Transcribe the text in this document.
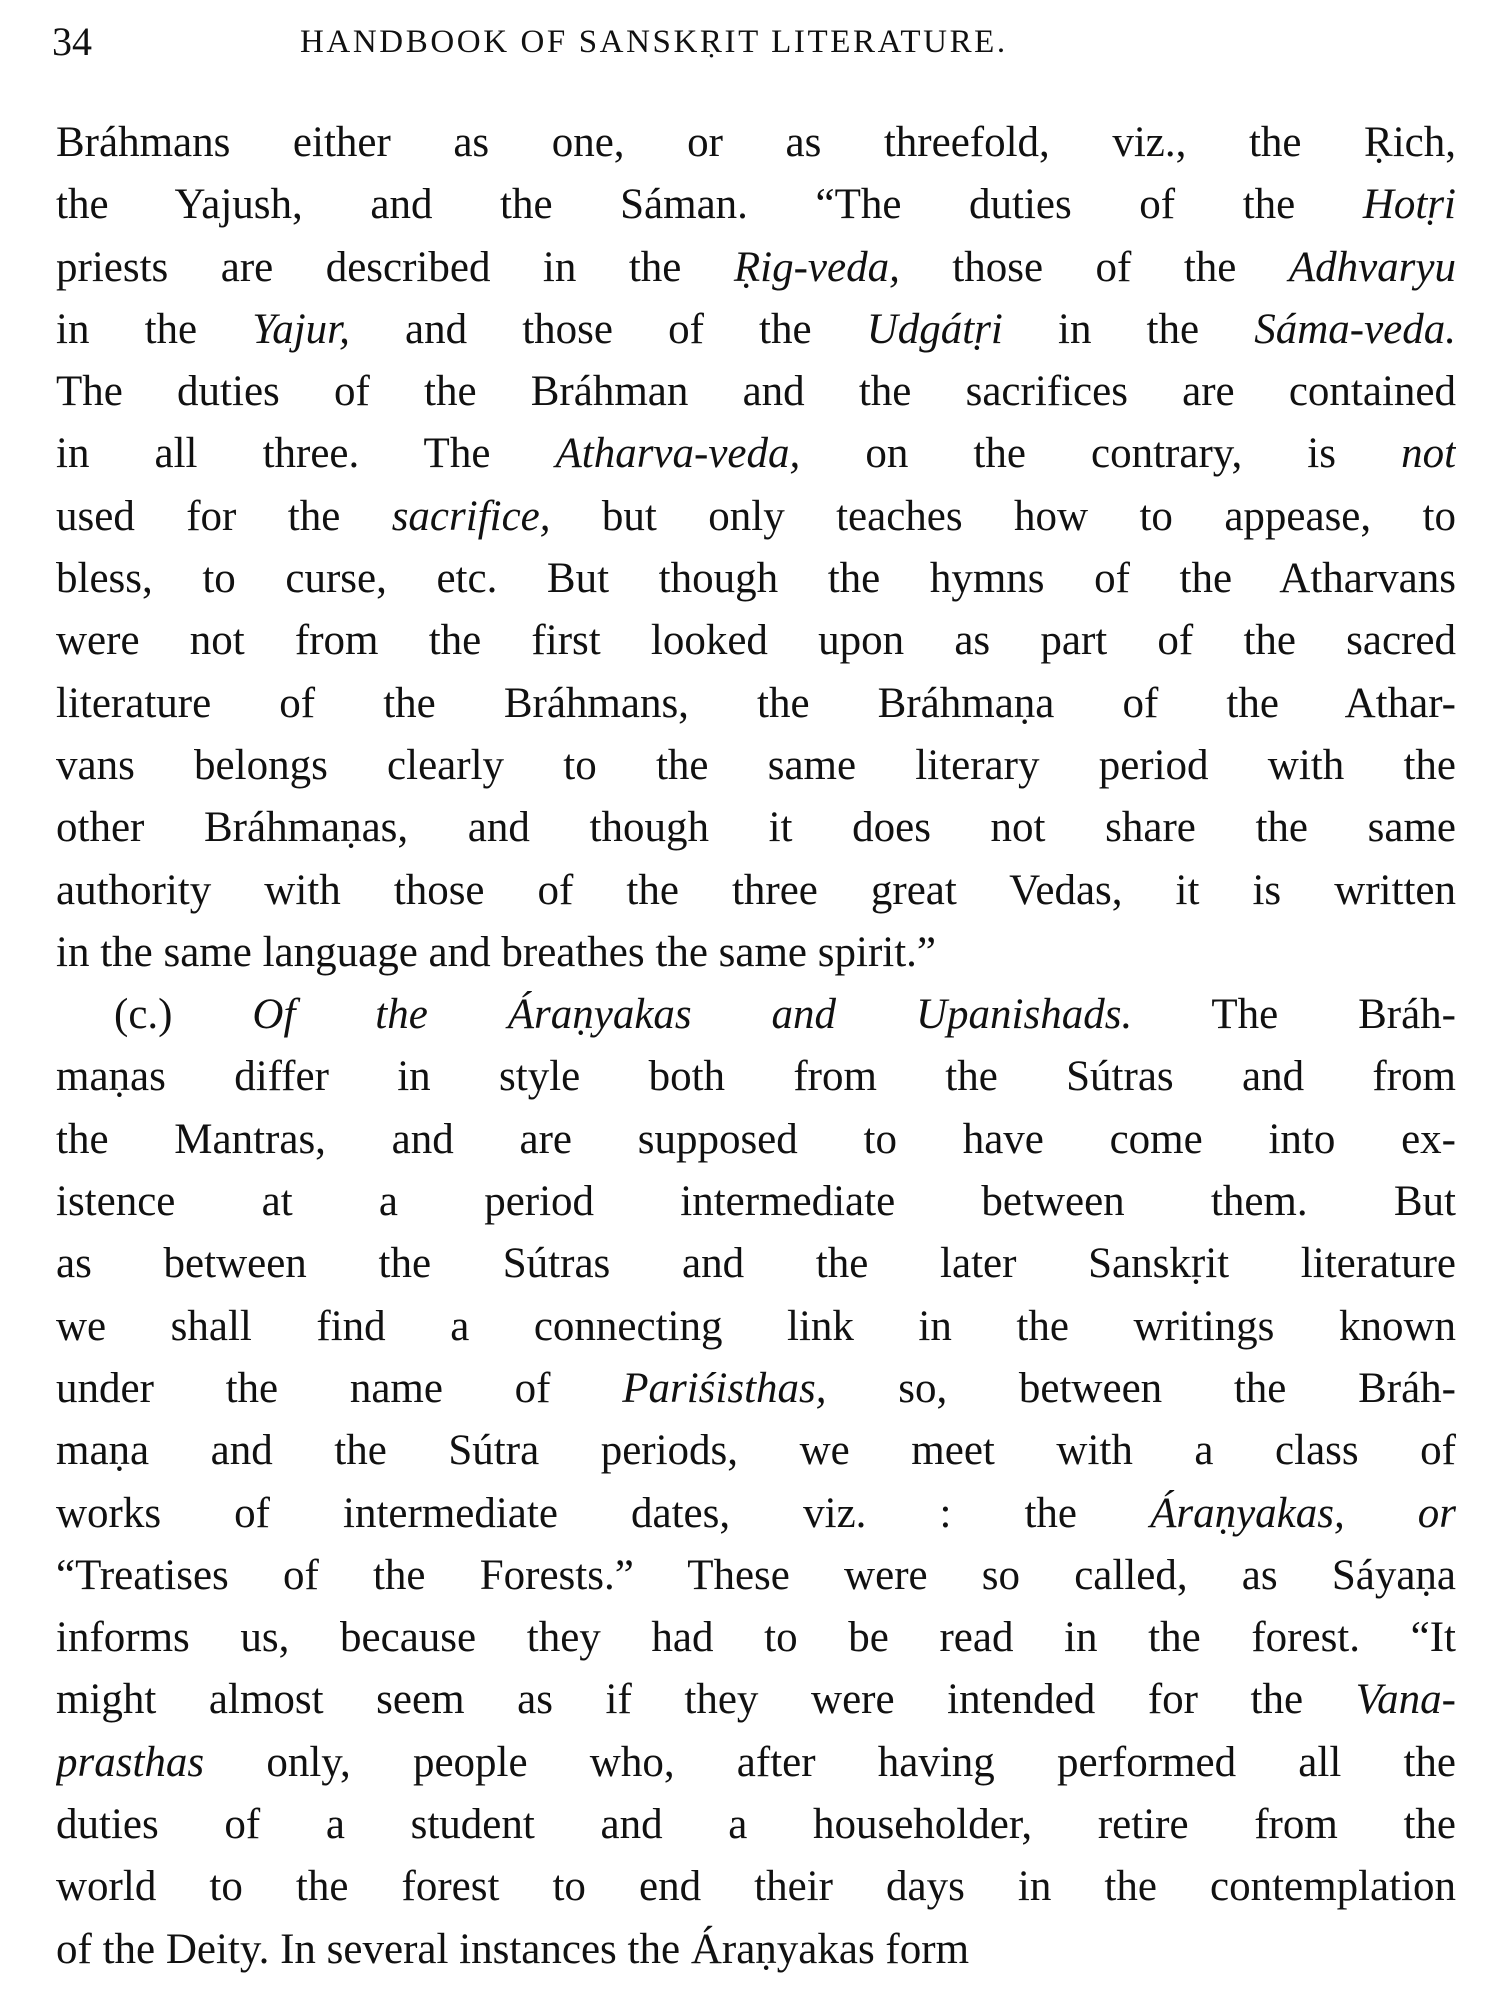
34	HANDBOOK OF SANSKṚIT LITERATURE.
Bráhmans either as one, or as threefold, viz., the Ṛich,
the Yajush, and the Sáman. “The duties of the Hotṛi
priests are described in the Ṛig-veda, those of the Adhvaryu
in the Yajur, and those of the Udgátṛi in the Sáma-veda.
The duties of the Bráhman and the sacrifices are contained
in all three. The Atharva-veda, on the contrary, is not
used for the sacrifice, but only teaches how to appease, to
bless, to curse, etc. But though the hymns of the Atharvans
were not from the first looked upon as part of the sacred
literature of the Bráhmans, the Bráhmaṇa of the Athar-
vans belongs clearly to the same literary period with the
other Bráhmaṇas, and though it does not share the same
authority with those of the three great Vedas, it is written
in the same language and breathes the same spirit.”
(c.) Of the Áraṇyakas and Upanishads. The Bráh-
maṇas differ in style both from the Sútras and from
the Mantras, and are supposed to have come into ex-
istence at a period intermediate between them. But
as between the Sútras and the later Sanskṛit literature
we shall find a connecting link in the writings known
under the name of Pariśisthas, so, between the Bráh-
maṇa and the Sútra periods, we meet with a class of
works of intermediate dates, viz. : the Áraṇyakas, or
“Treatises of the Forests.” These were so called, as Sáyaṇa
informs us, because they had to be read in the forest. “It
might almost seem as if they were intended for the Vana-
prasthas only, people who, after having performed all the
duties of a student and a householder, retire from the
world to the forest to end their days in the contemplation
of the Deity. In several instances the Áraṇyakas form
